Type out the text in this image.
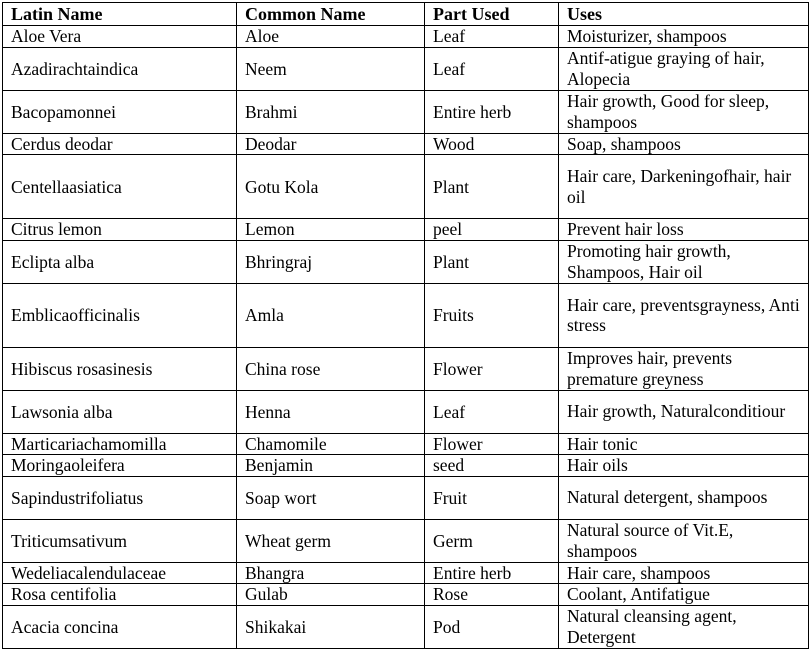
Latin Name	Common Name	Part Used	Uses
Aloe Vera	Aloe	Leaf	Moisturizer, shampoos
Azadirachtaindica	Neem	Leaf	Antif-atigue graying of hair, Alopecia
Bacopamonnei	Brahmi	Entire herb	Hair growth, Good for sleep, shampoos
Cerdus deodar	Deodar	Wood	Soap, shampoos
Centellaasiatica	Gotu Kola	Plant	Hair care, Darkeningofhair, hair oil
Citrus lemon	Lemon	peel	Prevent hair loss
Eclipta alba	Bhringraj	Plant	Promoting hair growth, Shampoos, Hair oil
Emblicaofficinalis	Amla	Fruits	Hair care, preventsgrayness, Anti stress
Hibiscus rosasinesis	China rose	Flower	Improves hair, prevents premature greyness
Lawsonia alba	Henna	Leaf	Hair growth, Naturalconditiour
Marticariachamomilla	Chamomile	Flower	Hair tonic
Moringaoleifera	Benjamin	seed	Hair oils
Sapindustrifoliatus	Soap wort	Fruit	Natural detergent, shampoos
Triticumsativum	Wheat germ	Germ	Natural source of Vit.E, shampoos
Wedeliacalendulaceae	Bhangra	Entire herb	Hair care, shampoos
Rosa centifolia	Gulab	Rose	Coolant, Antifatigue
Acacia concina	Shikakai	Pod	Natural cleansing agent, Detergent
